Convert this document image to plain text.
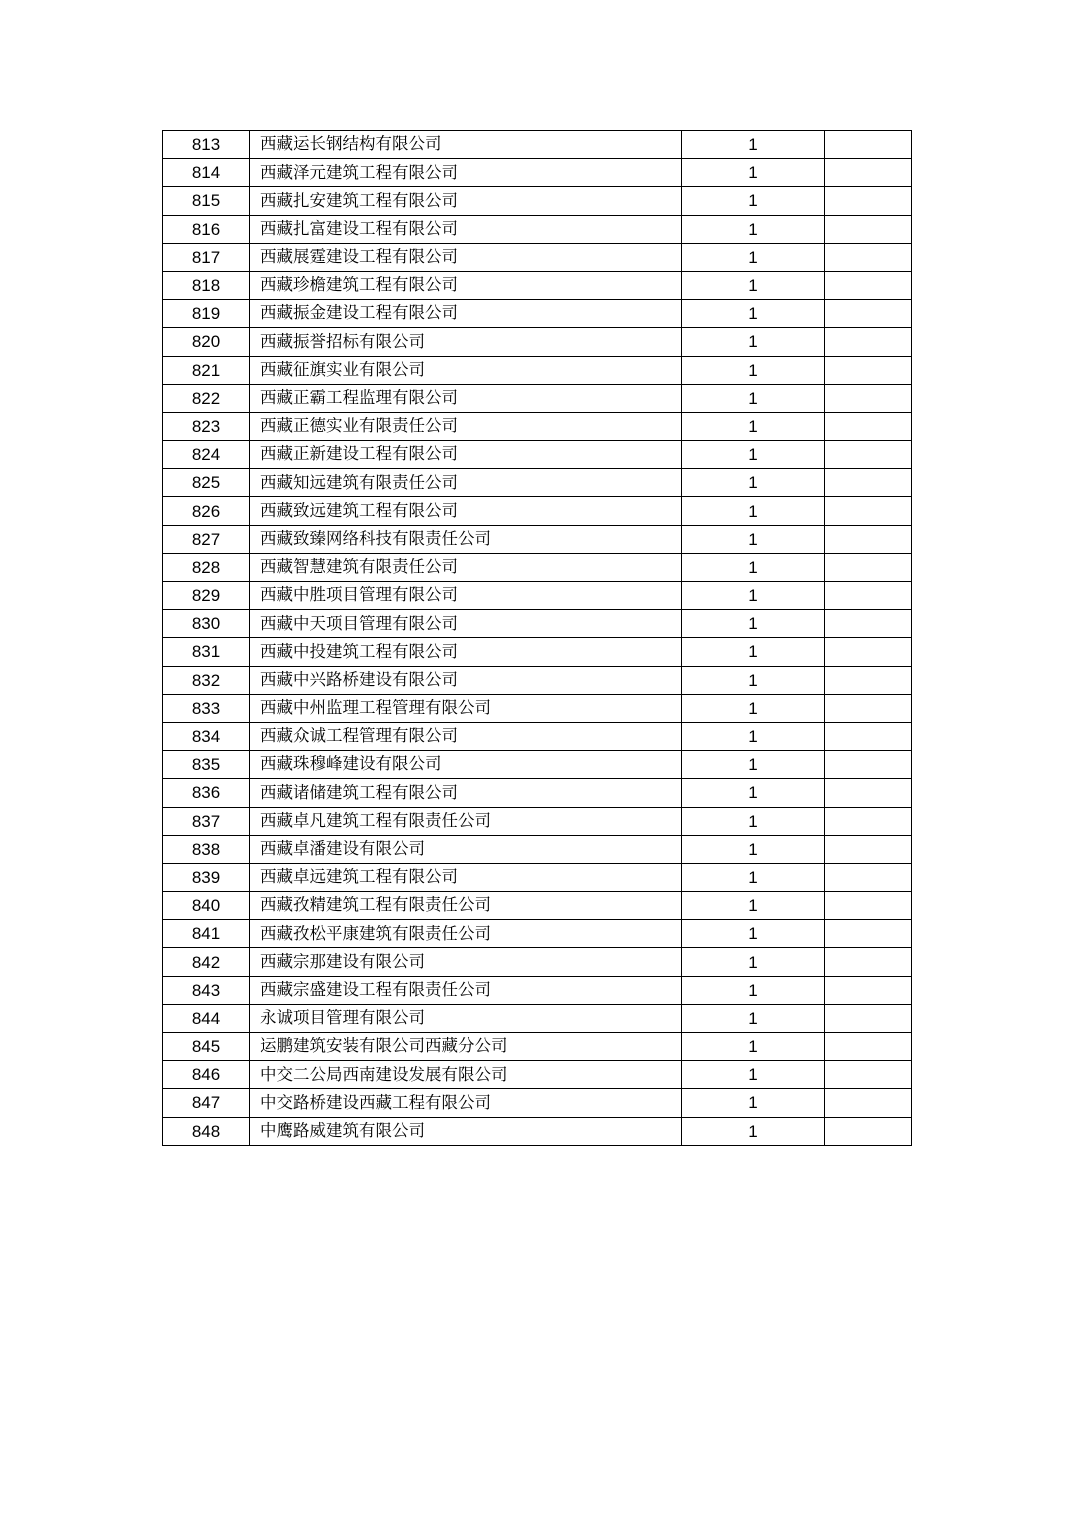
813	西藏运长钢结构有限公司	1	
814	西藏泽元建筑工程有限公司	1	
815	西藏扎安建筑工程有限公司	1	
816	西藏扎富建设工程有限公司	1	
817	西藏展霆建设工程有限公司	1	
818	西藏珍檐建筑工程有限公司	1	
819	西藏振金建设工程有限公司	1	
820	西藏振誉招标有限公司	1	
821	西藏征旗实业有限公司	1	
822	西藏正霸工程监理有限公司	1	
823	西藏正德实业有限责任公司	1	
824	西藏正新建设工程有限公司	1	
825	西藏知远建筑有限责任公司	1	
826	西藏致远建筑工程有限公司	1	
827	西藏致臻网络科技有限责任公司	1	
828	西藏智慧建筑有限责任公司	1	
829	西藏中胜项目管理有限公司	1	
830	西藏中天项目管理有限公司	1	
831	西藏中投建筑工程有限公司	1	
832	西藏中兴路桥建设有限公司	1	
833	西藏中州监理工程管理有限公司	1	
834	西藏众诚工程管理有限公司	1	
835	西藏珠穆峰建设有限公司	1	
836	西藏诸储建筑工程有限公司	1	
837	西藏卓凡建筑工程有限责任公司	1	
838	西藏卓潘建设有限公司	1	
839	西藏卓远建筑工程有限公司	1	
840	西藏孜精建筑工程有限责任公司	1	
841	西藏孜松平康建筑有限责任公司	1	
842	西藏宗那建设有限公司	1	
843	西藏宗盛建设工程有限责任公司	1	
844	永诚项目管理有限公司	1	
845	运鹏建筑安装有限公司西藏分公司	1	
846	中交二公局西南建设发展有限公司	1	
847	中交路桥建设西藏工程有限公司	1	
848	中鹰路威建筑有限公司	1	
